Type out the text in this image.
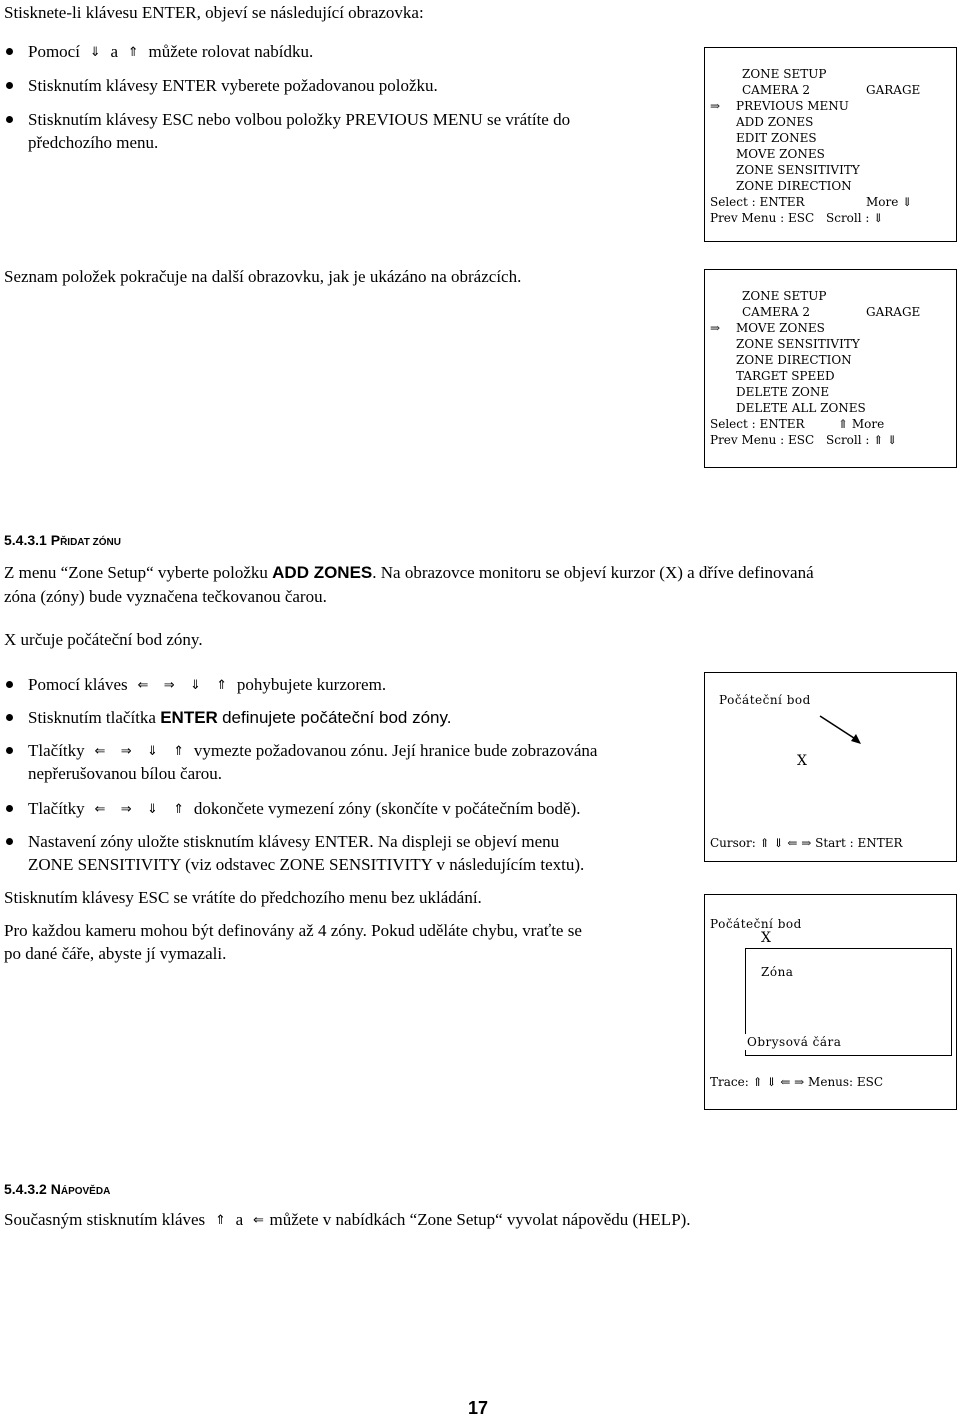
Stisknete-li klávesu ENTER, objeví se následující obrazovka:
Pomocí ⇓ a ⇑ můžete rolovat nabídku.
Stisknutím klávesy ENTER vyberete požadovanou položku.
Stisknutím klávesy ESC nebo volbou položky PREVIOUS MENU se vrátíte do
předchozího menu.
Seznam položek pokračuje na další obrazovku, jak je ukázáno na obrázcích.
ZONE SETUP
CAMERA 2	GARAGE
⇒ PREVIOUS MENU
ADD ZONES
EDIT ZONES
MOVE ZONES
ZONE SENSITIVITY
ZONE DIRECTION
Select : ENTER	More ⇓
Prev Menu : ESC Scroll : ⇓
ZONE SETUP
CAMERA 2	GARAGE
⇒ MOVE ZONES
ZONE SENSITIVITY
ZONE DIRECTION
TARGET SPEED
DELETE ZONE
DELETE ALL ZONES
Select : ENTER	⇑ More
Prev Menu : ESC Scroll : ⇑ ⇓
5.4.3.1 PŘIDAT ZÓNU
Z menu “Zone Setup“ vyberte položku ADD ZONES. Na obrazovce monitoru se objeví kurzor (X) a dříve definovaná
zóna (zóny) bude vyznačena tečkovanou čarou.
X určuje počáteční bod zóny.
Pomocí kláves ⇐ ⇒ ⇓ ⇑ pohybujete kurzorem.
Stisknutím tlačítka ENTER definujete počáteční bod zóny.
Tlačítky ⇐ ⇒ ⇓ ⇑ vymezte požadovanou zónu. Její hranice bude zobrazována
nepřerušovanou bílou čarou.
Tlačítky ⇐ ⇒ ⇓ ⇑ dokončete vymezení zóny (skončíte v počátečním bodě).
Nastavení zóny uložte stisknutím klávesy ENTER. Na displeji se objeví menu
ZONE SENSITIVITY (viz odstavec ZONE SENSITIVITY v následujícím textu).
Stisknutím klávesy ESC se vrátíte do předchozího menu bez ukládání.
Pro každou kameru mohou být definovány až 4 zóny. Pokud uděláte chybu, vraťte se
po dané čáře, abyste jí vymazali.
Počáteční bod
X
Cursor: ⇑ ⇓ ⇐ ⇒ Start : ENTER
Počáteční bod
X
Zóna
Obrysová čára
Trace: ⇑ ⇓ ⇐ ⇒ Menus: ESC
5.4.3.2 NÁPOVĚDA
Současným stisknutím kláves ⇑ a ⇐ můžete v nabídkách “Zone Setup“ vyvolat nápovědu (HELP).
17
